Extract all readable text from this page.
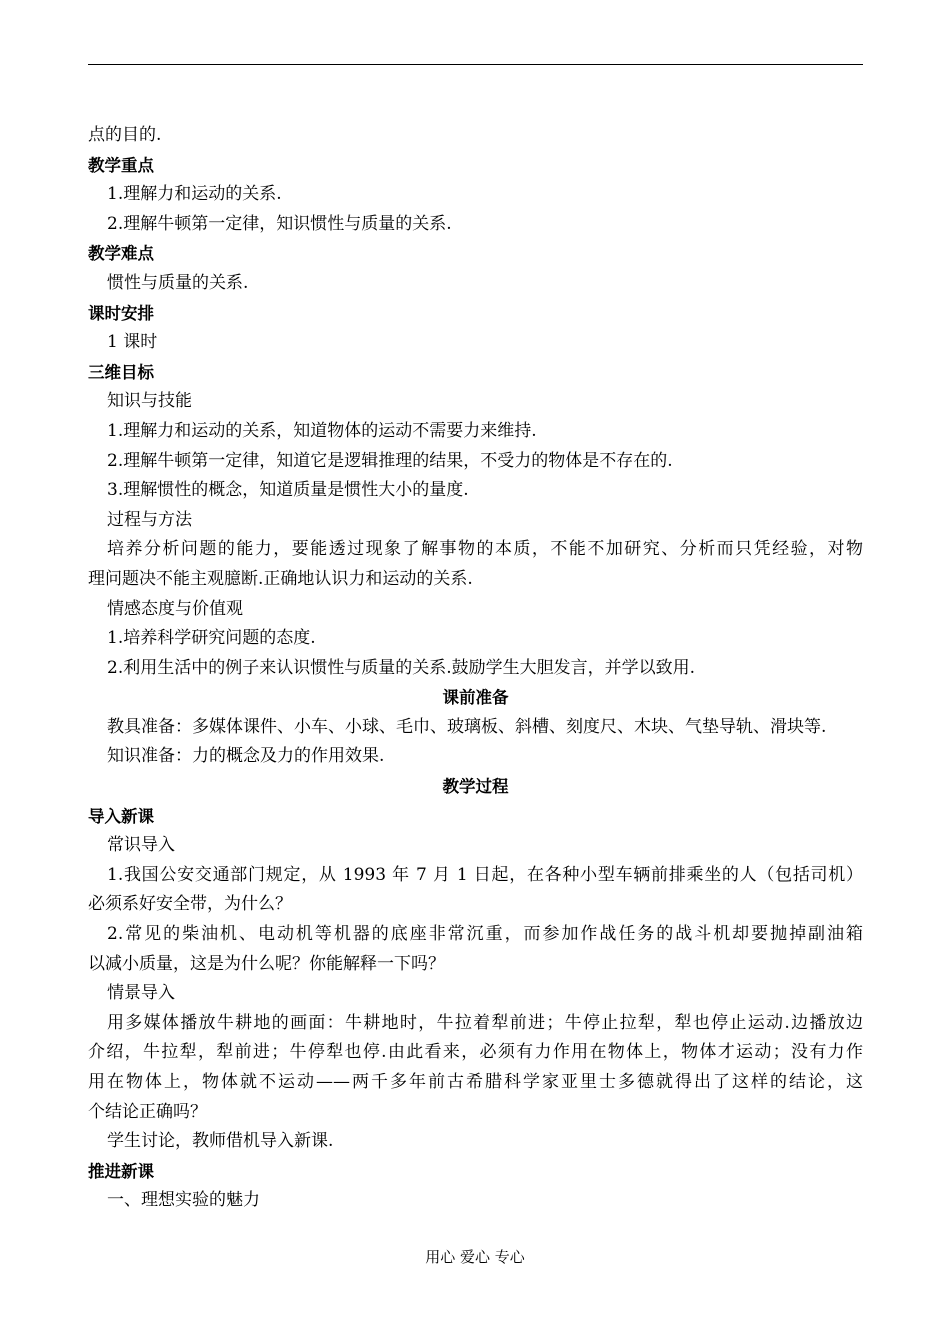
点的目的.
教学重点
1.理解力和运动的关系.
2.理解牛顿第一定律，知识惯性与质量的关系.
教学难点
惯性与质量的关系.
课时安排
1 课时
三维目标
知识与技能
1.理解力和运动的关系，知道物体的运动不需要力来维持.
2.理解牛顿第一定律，知道它是逻辑推理的结果，不受力的物体是不存在的.
3.理解惯性的概念，知道质量是惯性大小的量度.
过程与方法
培养分析问题的能力，要能透过现象了解事物的本质，不能不加研究、分析而只凭经验，对物
理问题决不能主观臆断.正确地认识力和运动的关系.
情感态度与价值观
1.培养科学研究问题的态度.
2.利用生活中的例子来认识惯性与质量的关系.鼓励学生大胆发言，并学以致用.
课前准备
教具准备：多媒体课件、小车、小球、毛巾、玻璃板、斜槽、刻度尺、木块、气垫导轨、滑块等.
知识准备：力的概念及力的作用效果.
教学过程
导入新课
常识导入
1.我国公安交通部门规定，从 1993 年 7 月 1 日起，在各种小型车辆前排乘坐的人（包括司机）
必须系好安全带，为什么？
2.常见的柴油机、电动机等机器的底座非常沉重，而参加作战任务的战斗机却要抛掉副油箱
以减小质量，这是为什么呢？你能解释一下吗？
情景导入
用多媒体播放牛耕地的画面：牛耕地时，牛拉着犁前进；牛停止拉犁，犁也停止运动.边播放边
介绍，牛拉犁，犁前进；牛停犁也停.由此看来，必须有力作用在物体上，物体才运动；没有力作
用在物体上，物体就不运动——两千多年前古希腊科学家亚里士多德就得出了这样的结论，这
个结论正确吗？
学生讨论，教师借机导入新课.
推进新课
一、理想实验的魅力
用心 爱心 专心
